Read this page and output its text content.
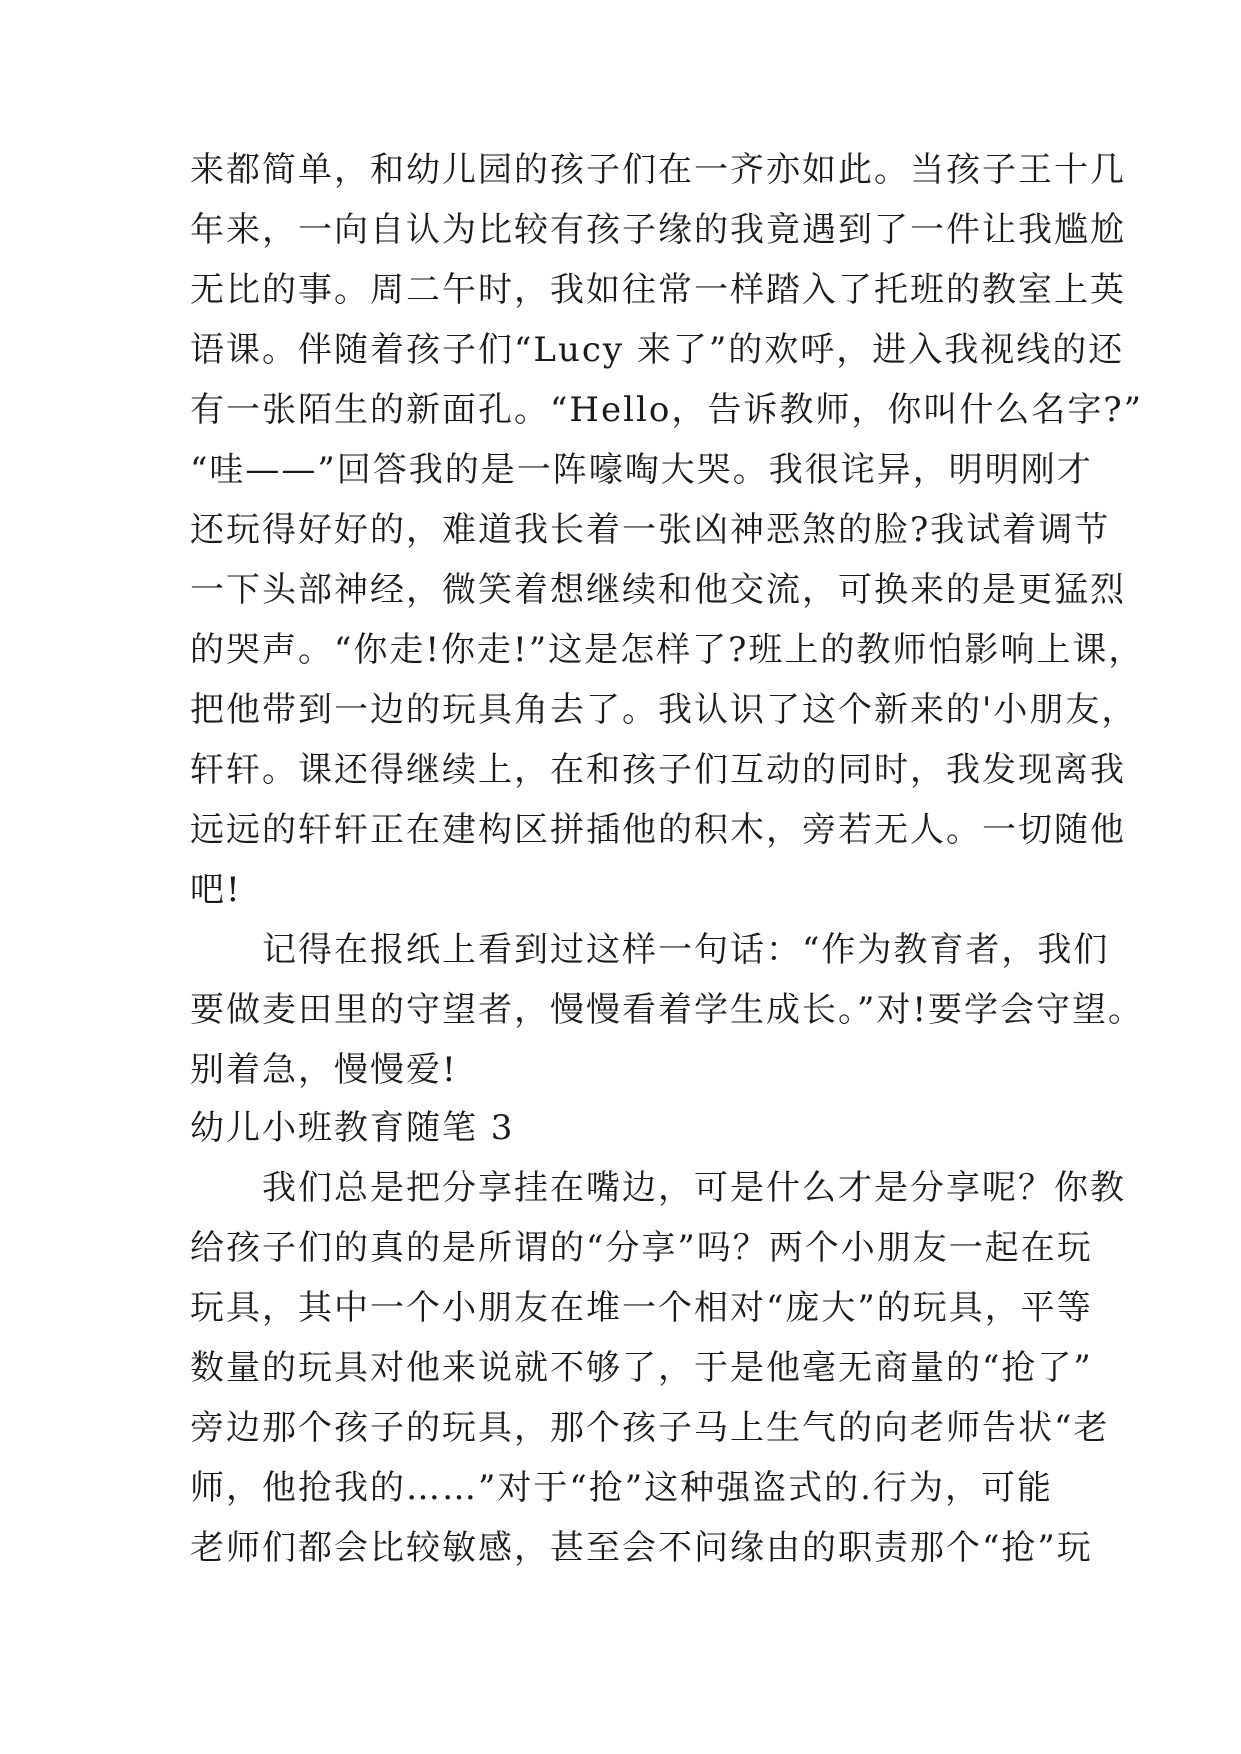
来都简单，和幼儿园的孩子们在一齐亦如此。当孩子王十几
年来，一向自认为比较有孩子缘的我竟遇到了一件让我尴尬
无比的事。周二午时，我如往常一样踏入了托班的教室上英
语课。伴随着孩子们“Lucy 来了”的欢呼，进入我视线的还
有一张陌生的新面孔。“Hello，告诉教师，你叫什么名字?”
“哇——”回答我的是一阵嚎啕大哭。我很诧异，明明刚才
还玩得好好的，难道我长着一张凶神恶煞的脸?我试着调节
一下头部神经，微笑着想继续和他交流，可换来的是更猛烈
的哭声。“你走!你走!”这是怎样了?班上的教师怕影响上课，
把他带到一边的玩具角去了。我认识了这个新来的'小朋友，
轩轩。课还得继续上，在和孩子们互动的同时，我发现离我
远远的轩轩正在建构区拼插他的积木，旁若无人。一切随他
吧!
　　记得在报纸上看到过这样一句话：“作为教育者，我们
要做麦田里的守望者，慢慢看着学生成长。”对!要学会守望。
别着急，慢慢爱!
幼儿小班教育随笔 3
　　我们总是把分享挂在嘴边，可是什么才是分享呢？你教
给孩子们的真的是所谓的“分享”吗？两个小朋友一起在玩
玩具，其中一个小朋友在堆一个相对“庞大”的玩具，平等
数量的玩具对他来说就不够了，于是他毫无商量的“抢了”
旁边那个孩子的玩具，那个孩子马上生气的向老师告状“老
师，他抢我的……”对于“抢”这种强盗式的.行为，可能
老师们都会比较敏感，甚至会不问缘由的职责那个“抢”玩
